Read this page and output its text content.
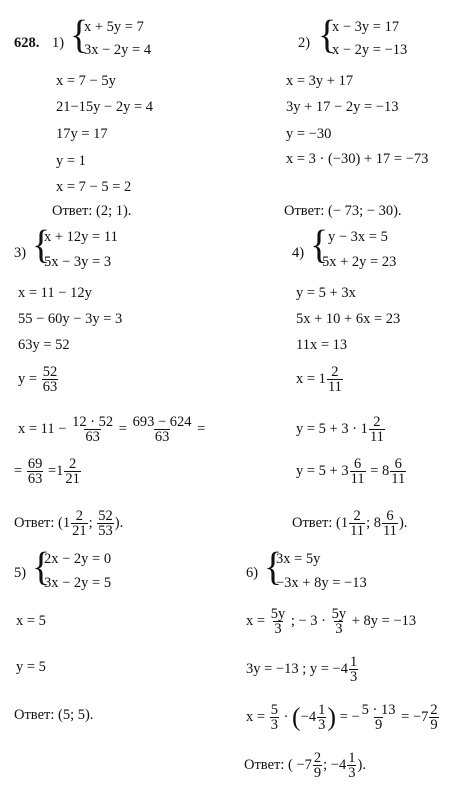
628. 1) {
x + 5y = 7
3x − 2y = 4
x = 7 − 5y
21−15y − 2y = 4
17y = 17
y = 1
x = 7 − 5 = 2
Ответ: (2; 1).
2) {
x − 3y = 17
x − 2y = −13
x = 3y + 17
3y + 17 − 2y = −13
y = −30
x = 3 · (−30) + 17 = −73
Ответ: (− 73; − 30).
3) {
x + 12y = 11
5x − 3y = 3
x = 11 − 12y
55 − 60y − 3y = 3
63y = 52
$y = \frac{52}{63}$
$x = 11 - \frac{12 \cdot 52}{63} = \frac{693 - 624}{63}$ =
= $\frac{69}{63} =1 \frac{2}{21}$
Ответ: ($1 \frac{2}{21}$ ; $\frac{52}{53}$ ).
4) { y − 3x = 5
5x + 2y = 23
y = 5 + 3x
5x + 10 + 6x = 23
11x = 13
$x = 1 \frac{2}{11}$
$y = 5 + 3 \cdot 1 \frac{2}{11}$
$y = 5 + 3 \frac{6}{11} = 8 \frac{6}{11}$
Ответ: ($1 \frac{2}{11}$ ; $8 \frac{6}{11}$ ).
5) {
2x − 2y = 0
3x − 2y = 5
x = 5
y = 5
Ответ: (5; 5).
6) {
3x = 5y
−3x + 8y = −13
$x = \frac{5y}{3}$ ; − $3 \cdot \frac{5y}{3} + 8y = -13$
3y = −13 ; $y = -4 \frac{1}{3}$
$x = \frac{5}{3} \cdot (-4 \frac{1}{3}$ ) = − $\frac{5 \cdot 13}{9} = -7 \frac{2}{9}$
Ответ: ( $-7 \frac{2}{9}$ ; $-4 \frac{1}{3}$ ).
